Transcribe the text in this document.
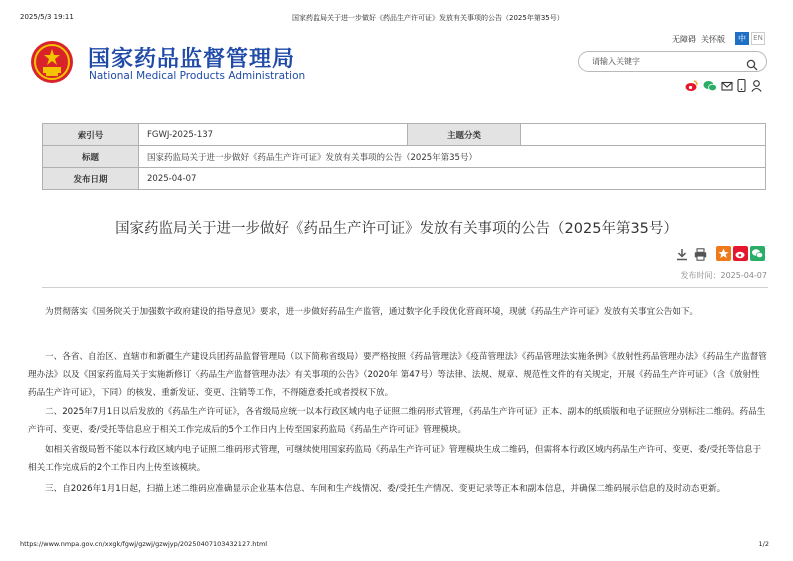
2025/5/3 19:11	国家药监局关于进一步做好《药品生产许可证》发放有关事项的公告（2025年第35号）
国家药品监督管理局
National Medical Products Administration
无障碍 关怀版	中	EN
请输入关键字
索引号	FGWJ-2025-137	主题分类	
标题	国家药监局关于进一步做好《药品生产许可证》发放有关事项的公告（2025年第35号）		
发布日期	2025-04-07		
国家药监局关于进一步做好《药品生产许可证》发放有关事项的公告（2025年第35号）
发布时间：2025-04-07
为贯彻落实《国务院关于加强数字政府建设的指导意见》要求，进一步做好药品生产监管，通过数字化手段优化营商环境，现就《药品生产许可证》发放有关事宜公告如下。
一、各省、自治区、直辖市和新疆生产建设兵团药品监督管理局（以下简称省级局）要严格按照《药品管理法》《疫苗管理法》《药品管理法实施条例》《放射性药品管理办法》《药品生产监督管理办法》以及《国家药监局关于实施新修订〈药品生产监督管理办法〉有关事项的公告》（2020年 第47号）等法律、法规、规章、规范性文件的有关规定，开展《药品生产许可证》（含《放射性药品生产许可证》，下同）的核发、重新发证、变更、注销等工作，不得随意委托或者授权下放。
二、2025年7月1日以后发放的《药品生产许可证》，各省级局应统一以本行政区域内电子证照二维码形式管理，《药品生产许可证》正本、副本的纸质版和电子证照应分别标注二维码。药品生产许可、变更、委/受托等信息应于相关工作完成后的5个工作日内上传至国家药监局《药品生产许可证》管理模块。
如相关省级局暂不能以本行政区域内电子证照二维码形式管理，可继续使用国家药监局《药品生产许可证》管理模块生成二维码，但需将本行政区域内药品生产许可、变更、委/受托等信息于相关工作完成后的2个工作日内上传至该模块。
三、自2026年1月1日起，扫描上述二维码应准确显示企业基本信息、车间和生产线情况、委/受托生产情况、变更记录等正本和副本信息，并确保二维码展示信息的及时动态更新。
https://www.nmpa.gov.cn/xxgk/fgwj/gzwj/gzwjyp/20250407103432127.html	1/2
